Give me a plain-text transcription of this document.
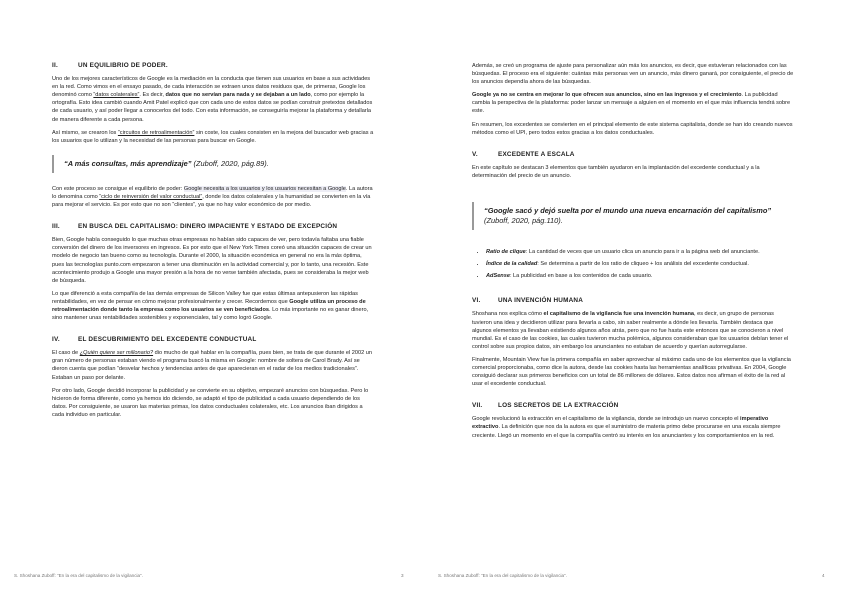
II.	UN EQUILIBRIO DE PODER.

Uno de los mejores característicos de Google es la mediación en la conducta que tienen sus usuarios en base a sus actividades en la red. Como vimos en el ensayo pasado, de cada interacción se extraen unos datos residuos que, de primeras, Google los denominó como “datos colaterales”. Es decir, datos que no servían para nada y se dejaban a un lado, como por ejemplo la ortografía. Esto idea cambió cuando Amit Patel explicó que con cada uno de estos datos se podían construir pretextos detallados de cada usuario, y así poder llegar a conocerlos del todo. Con esta información, se conseguiría mejorar la plataforma y detallarla de manera diferente a cada persona.

Así mismo, se crearon los “circuitos de retroalimentación” sin coste, los cuales consisten en la mejora del buscador web gracias a los usuarios que lo utilizan y la necesidad de las personas para buscar en Google.

“A más consultas, más aprendizaje” (Zuboff, 2020, pág.89).

Con este proceso se consigue el equilibrio de poder: Google necesita a los usuarios y los usuarios necesitan a Google. La autora lo denomina como “ciclo de reinversión del valor conductual”, donde los datos colaterales y la humanidad se convierten en la vía para mejorar el servicio. Es por esto que no son “clientes”, ya que no hay valor económico de por medio.

III.	EN BUSCA DEL CAPITALISMO: DINERO IMPACIENTE Y ESTADO DE EXCEPCIÓN

Bien, Google había conseguido lo que muchas otras empresas no habían sido capaces de ver, pero todavía faltaba una fiable conversión del dinero de los inversores en ingresos. Es por esto que el New York Times coreó una situación capaces de crear un modelo de negocio tan bueno como su tecnología. Durante el 2000, la situación económica en general no era la más óptima, pues las tecnologías punto.com empezaron a tener una disminución en la actividad comercial y, por lo tanto, una recesión. Este acontecimiento produjo a Google una mayor presión a la hora de no verse también afectada, pues se consideraba la mejor web de búsqueda.

Lo que diferenció a esta compañía de las demás empresas de Silicon Valley fue que estas últimas antepusieron las rápidas rentabilidades, en vez de pensar en cómo mejorar profesionalmente y crecer. Recordemos que Google utiliza un proceso de retroalimentación donde tanto la empresa como los usuarios se ven beneficiados. Lo más importante no es ganar dinero, sino mantener unas rentabilidades sostenibles y exponenciales, tal y como logró Google.

IV.	EL DESCUBRIMIENTO DEL EXCEDENTE CONDUCTUAL

El caso de ¿Quién quiere ser millonario? dio mucho de qué hablar en la compañía, pues bien, se trata de que durante el 2002 un gran número de personas estaban viendo el programa buscó la misma en Google: nombre de soltera de Carol Brady. Así se dieron cuenta que podían “desvelar hechos y tendencias antes de que aparecieran en el radar de los medios tradicionales”. Estaban un paso por delante.

Por otro lado, Google decidió incorporar la publicidad y se convierte en su objetivo, empezaré anuncios con búsquedas. Pero lo hicieron de forma diferente, como ya hemos ido diciendo, se adaptó el tipo de publicidad a cada usuario dependiendo de los datos. Por consiguiente, se usaron las materias primas, los datos conductuales colaterales, etc. Los anuncios iban dirigidos a cada individuo en particular.

S. Shoshana Zuboff: “En la era del capitalismo de la vigilancia”.	3

Además, se creó un programa de ajuste para personalizar aún más los anuncios, es decir, que estuvieran relacionados con las búsquedas. El proceso era el siguiente: cuántas más personas ven un anuncio, más dinero ganará, por consiguiente, el precio de los anuncios dependía ahora de las búsquedas.

Google ya no se centra en mejorar lo que ofrecen sus anuncios, sino en las ingresos y el crecimiento. La publicidad cambia la perspectiva de la plataforma: poder lanzar un mensaje a alguien en el momento en el que más influencia tendrá sobre este.

En resumen, los excedentes se convierten en el principal elemento de este sistema capitalista, donde se han ido creando nuevos métodos como el UPI, pero todos estos gracias a los datos conductuales.

V.	EXCEDENTE A ESCALA

En este capítulo se destacan 3 elementos que también ayudaron en la implantación del excedente conductual y a la determinación del precio de un anuncio.

“Google sacó y dejó suelta por el mundo una nueva encarnación del capitalismo”
(Zuboff, 2020, pág.110).
• Ratio de clique: La cantidad de veces que un usuario clica un anuncio para ir a la página web del anunciante.
• Índice de la calidad: Se determina a partir de los ratio de cliqueo + los análisis del excedente conductual.
• AdSense: La publicidad en base a los contenidos de cada usuario.
VI.	UNA INVENCIÓN HUMANA

Shoshana nos explica cómo el capitalismo de la vigilancia fue una invención humana, es decir, un grupo de personas tuvieron una idea y decidieron utilizar para llevarla a cabo, sin saber realmente a dónde les llevaría. También destaca que algunos elementos ya llevaban existiendo algunos años atrás, pero que no fue hasta este entonces que se conocieron a nivel mundial. Es el caso de las cookies, las cuales tuvieron mucha polémica, algunos consideraban que los usuarios debían tener el control sobre sus propios datos, sin embargo los anunciantes no estaban de acuerdo y querían autorregularse.

Finalmente, Mountain View fue la primera compañía en saber aprovechar al máximo cada uno de los elementos que la vigilancia comercial proporcionaba, como dice la autora, desde las cookies hasta las herramientas analíticas privativas. En 2004, Google consiguió declarar sus primeros beneficios con un total de 86 millones de dólares. Estos datos nos afirman el éxito de la red al usar el excedente conductual.

VII.	LOS SECRETOS DE LA EXTRACCIÓN

Google revolucionó la extracción en el capitalismo de la vigilancia, donde se introdujo un nuevo concepto el imperativo extractivo. La definición que nos da la autora es que el suministro de materia primo debe procurarse en una escala siempre creciente. Llegó un momento en el que la compañía centró su interés en los anunciantes y los comportamientos en la red.

S. Shoshana Zuboff: “En la era del capitalismo de la vigilancia”.	4
